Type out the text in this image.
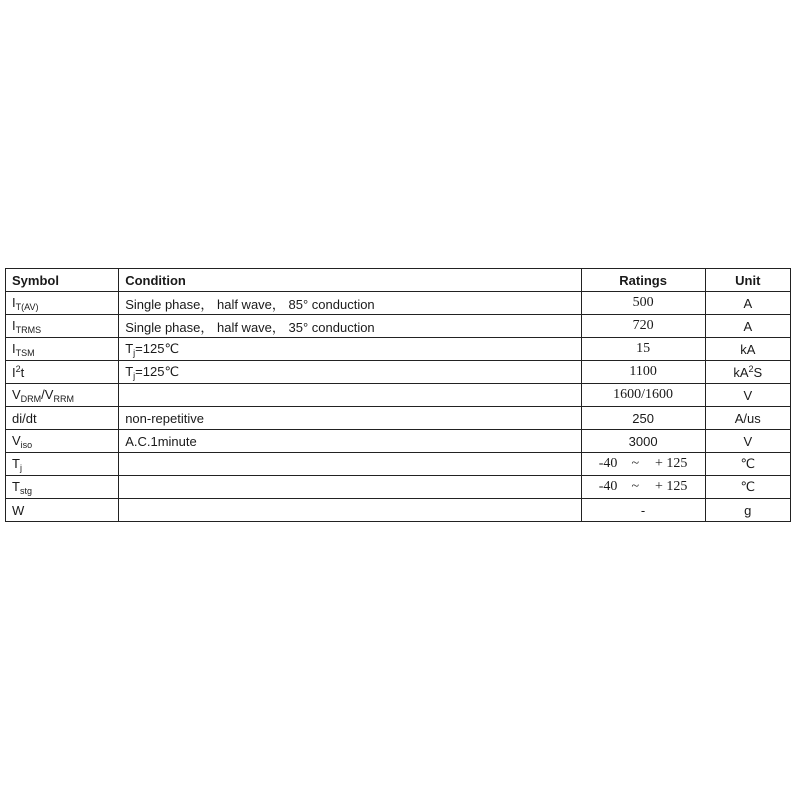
Symbol	Condition	Ratings	Unit
$I_{T(AV)}$	Single phase， half wave， 85° conduction	500	A
$I_{TRMS}$	Single phase， half wave， 35° conduction	720	A
$I_{TSM}$	$T_j=125℃$	15	kA
$I^2t$	$T_j=125℃$	1100	$kA^2S$
$V_{DRM}/V_{RRM}$		1600/1600	V
di/dt	non-repetitive	250	A/us
$V_{iso}$	A.C.1minute	3000	V
$T_j$		-40 ~ + 125	℃
$T_{stg}$		-40 ~ + 125	℃
W		-	g
